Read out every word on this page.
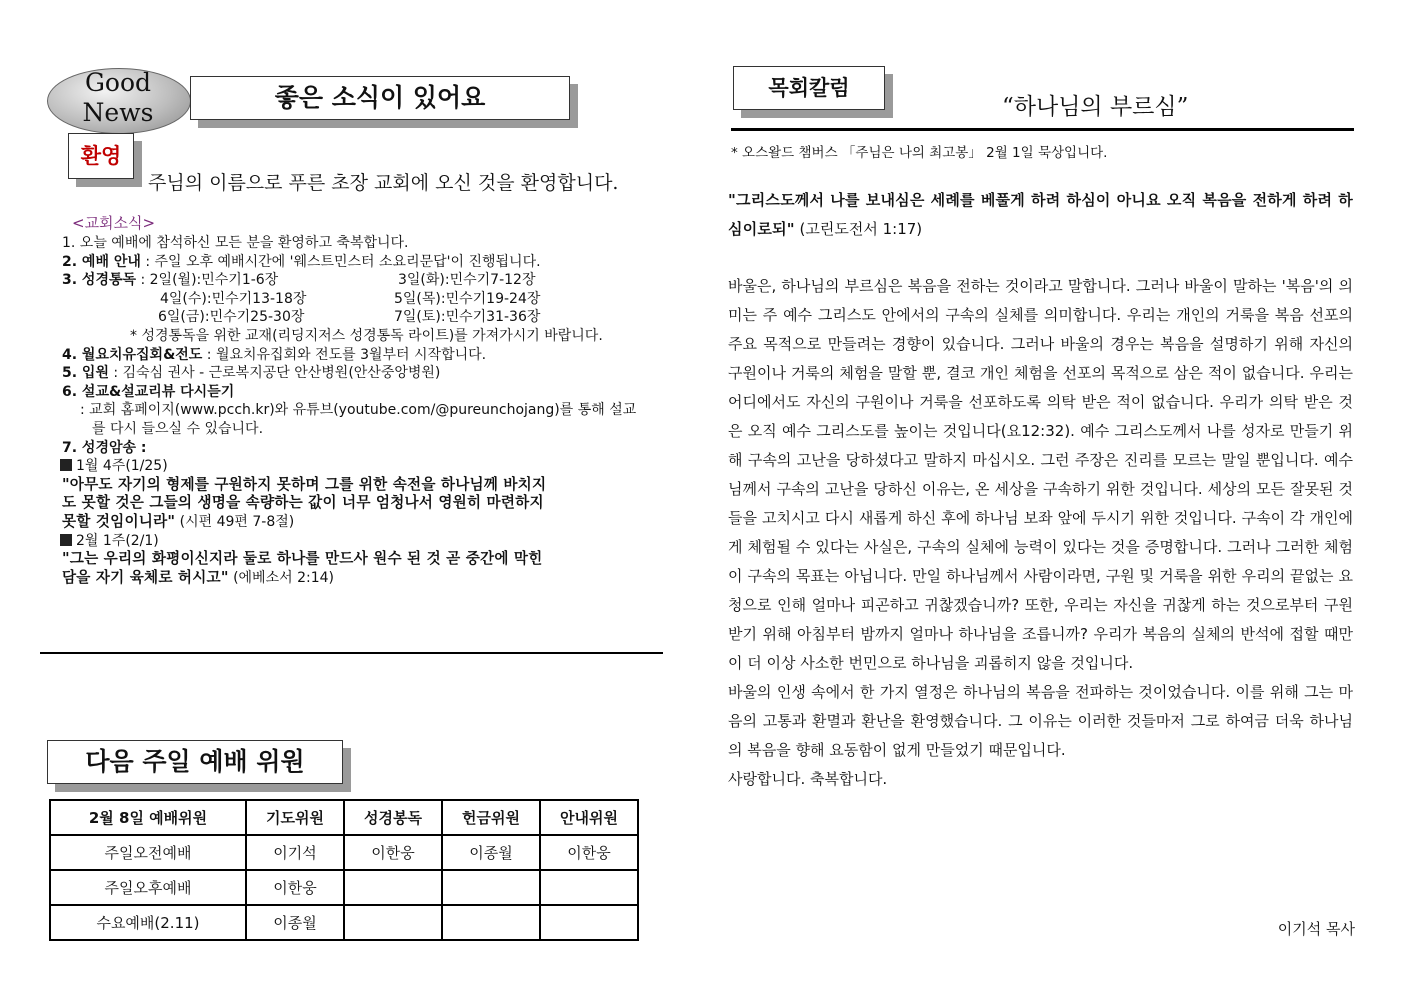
Good
News
좋은 소식이 있어요
환영
주님의 이름으로 푸른 초장 교회에 오신 것을 환영합니다.
<교회소식>
1. 오늘 예배에 참석하신 모든 분을 환영하고 축복합니다.
2. 예배 안내 : 주일 오후 예배시간에 '웨스트민스터 소요리문답'이 진행됩니다.
3. 성경통독 : 2일(월):민수기1-6장	3일(화):민수기7-12장
4일(수):민수기13-18장	5일(목):민수기19-24장
6일(금):민수기25-30장	7일(토):민수기31-36장
* 성경통독을 위한 교재(리딩지저스 성경통독 라이트)를 가져가시기 바랍니다.
4. 월요치유집회&전도 : 월요치유집회와 전도를 3월부터 시작합니다.
5. 입원 : 김숙심 권사 - 근로복지공단 안산병원(안산중앙병원)
6. 설교&설교리뷰 다시듣기
: 교회 홈페이지(www.pcch.kr)와 유튜브(youtube.com/@pureunchojang)를 통해 설교
를 다시 들으실 수 있습니다.
7. 성경암송 :
1월 4주(1/25)
"아무도 자기의 형제를 구원하지 못하며 그를 위한 속전을 하나님께 바치지
도 못할 것은 그들의 생명을 속량하는 값이 너무 엄청나서 영원히 마련하지
못할 것임이니라" (시편 49편 7-8절)
2월 1주(2/1)
"그는 우리의 화평이신지라 둘로 하나를 만드사 원수 된 것 곧 중간에 막힌
담을 자기 육체로 허시고" (에베소서 2:14)
다음 주일 예배 위원
2월 8일 예배위원	기도위원	성경봉독	헌금위원	안내위원
주일오전예배	이기석	이한웅	이종월	이한웅
주일오후예배	이한웅			
수요예배(2.11)	이종월			
목회칼럼
“하나님의 부르심”
* 오스왈드 챔버스 「주님은 나의 최고봉」 2월 1일 묵상입니다.
"그리스도께서 나를 보내심은 세례를 베풀게 하려 하심이 아니요 오직 복음을 전하게 하려 하심이로되" (고린도전서 1:17)

바울은, 하나님의 부르심은 복음을 전하는 것이라고 말합니다. 그러나 바울이 말하는 '복음'의 의미는 주 예수 그리스도 안에서의 구속의 실체를 의미합니다. 우리는 개인의 거룩을 복음 선포의 주요 목적으로 만들려는 경향이 있습니다. 그러나 바울의 경우는 복음을 설명하기 위해 자신의 구원이나 거룩의 체험을 말할 뿐, 결코 개인 체험을 선포의 목적으로 삼은 적이 없습니다. 우리는 어디에서도 자신의 구원이나 거룩을 선포하도록 의탁 받은 적이 없습니다. 우리가 의탁 받은 것은 오직 예수 그리스도를 높이는 것입니다(요12:32). 예수 그리스도께서 나를 성자로 만들기 위해 구속의 고난을 당하셨다고 말하지 마십시오. 그런 주장은 진리를 모르는 말일 뿐입니다. 예수님께서 구속의 고난을 당하신 이유는, 온 세상을 구속하기 위한 것입니다. 세상의 모든 잘못된 것들을 고치시고 다시 새롭게 하신 후에 하나님 보좌 앞에 두시기 위한 것입니다. 구속이 각 개인에게 체험될 수 있다는 사실은, 구속의 실체에 능력이 있다는 것을 증명합니다. 그러나 그러한 체험이 구속의 목표는 아닙니다. 만일 하나님께서 사람이라면, 구원 및 거룩을 위한 우리의 끝없는 요청으로 인해 얼마나 피곤하고 귀찮겠습니까? 또한, 우리는 자신을 귀찮게 하는 것으로부터 구원받기 위해 아침부터 밤까지 얼마나 하나님을 조릅니까? 우리가 복음의 실체의 반석에 접할 때만이 더 이상 사소한 번민으로 하나님을 괴롭히지 않을 것입니다.

바울의 인생 속에서 한 가지 열정은 하나님의 복음을 전파하는 것이었습니다. 이를 위해 그는 마음의 고통과 환멸과 환난을 환영했습니다. 그 이유는 이러한 것들마저 그로 하여금 더욱 하나님의 복음을 향해 요동함이 없게 만들었기 때문입니다.

사랑합니다. 축복합니다.

이기석 목사
